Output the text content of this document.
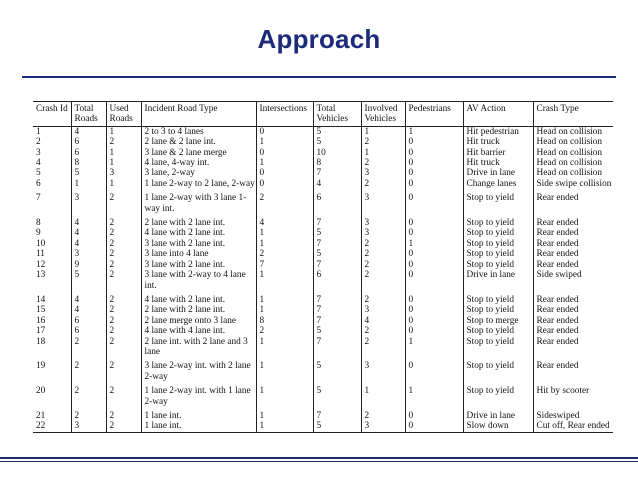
Approach
Crash Id	Total Roads	Used Roads	Incident Road Type	Intersections	Total Vehicles	Involved Vehicles	Pedestrians	AV Action	Crash Type
1	4	1	2 to 3 to 4 lanes	0	5	1	1	Hit pedestrian	Head on collision
2	6	2	2 lane & 2 lane int.	1	5	2	0	Hit truck	Head on collision
3	6	1	3 lane & 2 lane merge	0	10	1	0	Hit barrier	Head on collision
4	8	1	4 lane, 4-way int.	1	8	2	0	Hit truck	Head on collision
5	5	3	3 lane, 2-way	0	7	3	0	Drive in lane	Head on collision
6	1	1	1 lane 2-way to 2 lane, 2-way	0	4	2	0	Change lanes	Side swipe collision
7	3	2	1 lane 2-way with 3 lane 1-way int.	2	6	3	0	Stop to yield	Rear ended
8	4	2	2 lane with 2 lane int.	4	7	3	0	Stop to yield	Rear ended
9	4	2	4 lane with 2 lane int.	1	5	3	0	Stop to yield	Rear ended
10	4	2	3 lane with 2 lane int.	1	7	2	1	Stop to yield	Rear ended
11	3	2	3 lane into 4 lane	2	5	2	0	Stop to yield	Rear ended
12	9	2	3 lane with 2 lane int.	7	7	2	0	Stop to yield	Rear ended
13	5	2	3 lane with 2-way to 4 lane int.	1	6	2	0	Drive in lane	Side swiped
14	4	2	4 lane with 2 lane int.	1	7	2	0	Stop to yield	Rear ended
15	4	2	2 lane with 2 lane int.	1	7	3	0	Stop to yield	Rear ended
16	6	2	2 lane merge onto 3 lane	8	7	4	0	Stop to merge	Rear ended
17	6	2	4 lane with 4 lane int.	2	5	2	0	Stop to yield	Rear ended
18	2	2	2 lane int. with 2 lane and 3 lane	1	7	2	1	Stop to yield	Rear ended
19	2	2	3 lane 2-way int. with 2 lane 2-way	1	5	3	0	Stop to yield	Rear ended
20	2	2	1 lane 2-way int. with 1 lane 2-way	1	5	1	1	Stop to yield	Hit by scooter
21	2	2	1 lane int.	1	7	2	0	Drive in lane	Sideswiped
22	3	2	1 lane int.	1	5	3	0	Slow down	Cut off, Rear ended
